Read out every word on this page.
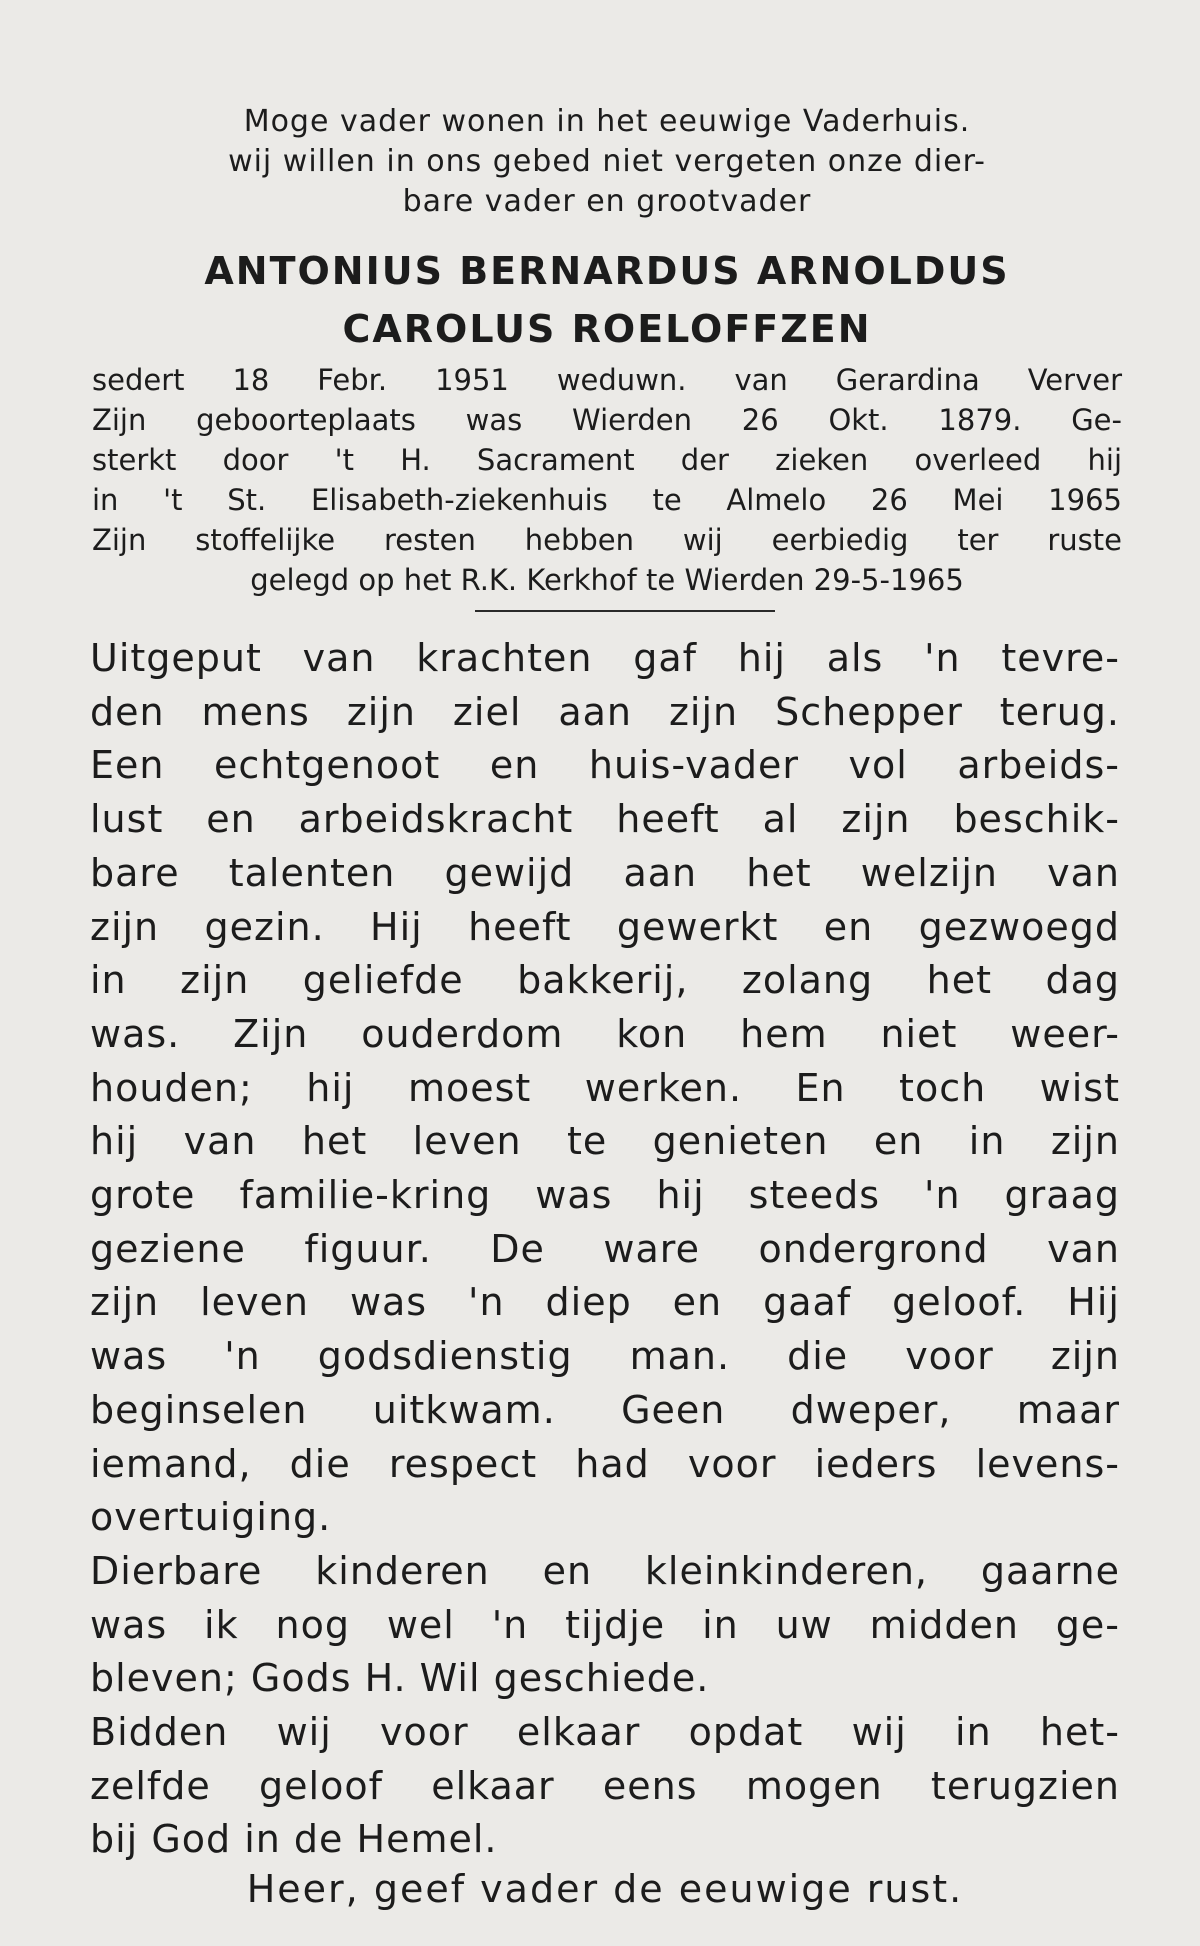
Moge vader wonen in het eeuwige Vaderhuis.
wij willen in ons gebed niet vergeten onze dier-
bare vader en grootvader
ANTONIUS BERNARDUS ARNOLDUS
CAROLUS ROELOFFZEN
sedert 18 Febr. 1951 weduwn. van Gerardina Verver
Zijn geboorteplaats was Wierden 26 Okt. 1879. Ge-
sterkt door 't H. Sacrament der zieken overleed hij
in 't St. Elisabeth-ziekenhuis te Almelo 26 Mei 1965
Zijn stoffelijke resten hebben wij eerbiedig ter ruste
gelegd op het R.K. Kerkhof te Wierden 29-5-1965
Uitgeput van krachten gaf hij als 'n tevre-
den mens zijn ziel aan zijn Schepper terug.
Een echtgenoot en huis-vader vol arbeids-
lust en arbeidskracht heeft al zijn beschik-
bare talenten gewijd aan het welzijn van
zijn gezin. Hij heeft gewerkt en gezwoegd
in zijn geliefde bakkerij, zolang het dag
was. Zijn ouderdom kon hem niet weer-
houden; hij moest werken. En toch wist
hij van het leven te genieten en in zijn
grote familie-kring was hij steeds 'n graag
geziene figuur. De ware ondergrond van
zijn leven was 'n diep en gaaf geloof. Hij
was 'n godsdienstig man. die voor zijn
beginselen uitkwam. Geen dweper, maar
iemand, die respect had voor ieders levens-
overtuiging.
Dierbare kinderen en kleinkinderen, gaarne
was ik nog wel 'n tijdje in uw midden ge-
bleven; Gods H. Wil geschiede.
Bidden wij voor elkaar opdat wij in het-
zelfde geloof elkaar eens mogen terugzien
bij God in de Hemel.
Heer, geef vader de eeuwige rust.
